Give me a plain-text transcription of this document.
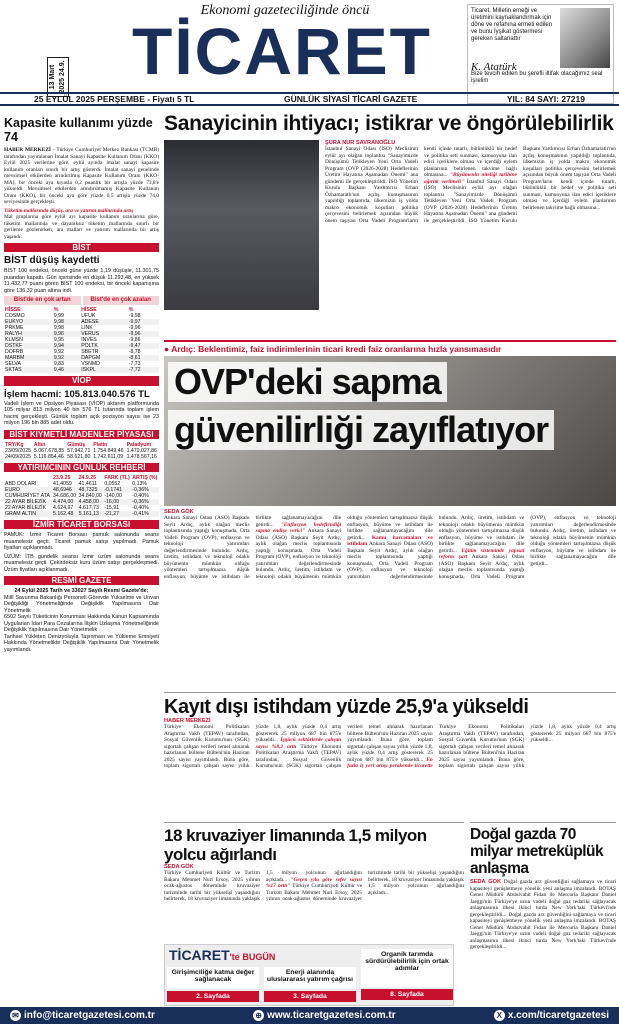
Ekonomi gazeteciliğinde öncü
TİCARET
13 Mart 2025 24.9.
Ticaret, Milletin emeği ve üretimini kaynaklandırmak için döne ve refahına ermeti edilen ve bunu İyşikat göstermesi gereken saltanattır
K. Atatürk
Bize tevcih edilen bu şerefli iltifak olacağımız seal işrelim
25 EYLÜL 2025 PERŞEMBE - Fiyatı 5 TL	GÜNLÜK SİYASİ TİCARİ GAZETE	YIL: 84 SAYI: 27219
Kapasite kullanımı yüzde 74
HABER MERKEZİ - Türkiye Cumhuriyet Merkez Bankası (TCMB) tarafından yayımlanan İmalat Sanayi Kapasite Kullanım Oranı (KKO) Eylül 2025 verilerine göre, eylül ayında imalat sanayi kapasite kullanım oranları sınırlı bir artış gösterdi. İmalat sanayi genelinde mevsimsel etkilerden arındırılmış Kapasite Kullanım Oranı (KKO-MA), bir önceki aya kıyasla 0,2 puanlık bir artışla yüzde 73,8'e yükseldi. Mevsimsel etkilerden arındırılmamış Kapasite Kullanım Oranı (KKO), bir önceki aya göre yüzde 0,5 artışla yüzde 74,0 seviyesinde gerçekleşti.
Tüketim mallarında düşüş, ara ve yatırım mallarında artış
Mal gruplarına göre eylül ayı kapasite kullanım oranlarına göre, tüketim mallarında ve dayanıksız tüketim mallarında sınırlı bir gerileme gözlenirken, ara malları ve yatırım mallarında bir artış yaşandı.
BİST
BİST düşüş kaydetti
BIST 100 endeksi, önceki güne yüzde 1,19 düşüşle, 11.301,75 puandan kapattı. Gün içerisinde en düşük 11.293,48, en yüksek 11.432,77 puanı gören BIST 100 endeksi, bir önceki kapanışına göre 136,32 puan altına indi.
Bist'de en çok artan	Bist'de en çok azalan
HİSSE	%	HİSSE	%
COSMO	9,99	UFUK	-9,98
EUKYO	9,98	ADESE	-9,97
PRKME	9,98	LINK	-9,96
RALYH	9,96	VERUS	-9,96
KLMSN	9,95	INVES	-9,86
DSTKF	9,94	POLTK	-9,47
DOFRB	9,92	SBETR	-8,78
MARBM	9,92	DAPGM	-8,61
SELVA	9,83	VSNMD	-7,73
SKTAS	9,46	ISKPL	-7,72
VİOP
İşlem hacmi: 105.813.040.576 TL
Vadeli İşlem ve Opsiyon Piyasası (VİOP) aktarım platformunda 105 milyar 813 milyon 40 bin 576 TL tutarında toplam işlem hacmi gerçekleşti. Günlük toplam açık pozisyon sayısı ise 23 milyon 196 bin 885 adet oldu.
BİST KIYMETLİ MADENLER PİYASASI
TRY/Kg	Altın	Gümüş	Platin	Paladyum
23/09/2025	5.067.678,85	57.942,71	1.754.849,46	1.470.027,86
24/09/2025	5.116.854,46	58.621,80	1.742.611,09	1.478.567,16
YATIRIMCININ GÜNLÜK REHBERİ
	23.9.25	24.9.25	FARK (TL)	ARTIŞ (%)
ABD DOLARI	41,4059	41,4611	0,0552	0,13%
EURO	48,6946	48,7325	-0,1741	-0,36%
CUMHURİYET ATA	34.686,00	34.840,00	-140,00	-0,40%
22 AYAR BİLEZİK	4.474,00	4.458,00	-16,00	-0,36%
22 AYAR BİLEZİK	4.624,97	4.617,73	-15,91	-0,40%
GRAM ALTIN	5.162,48	5.161,13	-21,27	-0,41%
İZMİR TİCARET BORSASI
PAMUK: İzmir Ticaret Borsası pamuk salonunda seans muamelesiz geçti. Ticaret pamuk satışı yapılmadı. Pamuk fiyatları açıklanmadı.
ÜZÜM: İTB gündelik seansı İzmir üzüm salonunda seans muamelesiz geçti. Çekirdeksiz kuru üzüm satışı gerçekleşmedi. Üzüm fiyatları açıklanmadı.
RESMİ GAZETE
24 Eylül 2025 Tarih ve 33027 Sayılı Resmi Gazete'de;
Millî Savunma Bakanlığı Personeli Görevde Yükselme ve Unvan Değişikliği Yönetmeliğinde Değişiklik Yapılmasına Dair Yönetmelik
6502 Sayılı Tüketicinin Korunması Hakkında Kanun Kapsamında Uygulanan İdari Para Cezalarına İlişkin Uzlaşma Yönetmeliğinde Değişiklik Yapılmasına Dair Yönetmelik
Tarihsel Yükleten Denizyoluyla Taşınması ve Yükleme Emniyeti Hakkında Yönetmelikte Değişiklik Yapılmasına Dair Yönetmelik yayımlandı.
Sanayicinin ihtiyacı; istikrar ve öngörülebilirlik
ŞURA NUR SAVRANOĞLU
İstanbul Sanayi Odası (İSO) Meclisinin eylül ayı olağan toplantısı "Sanayimizde Dönüşümü Tetikleyen Yeni Orta Vadeli Program (OVP (2026-2028) Hedeflerinin Üretim Hayatına Aşamadan Önemi" ana gündemi ile gerçekleştirildi. İSO Yönetim Kurulu Başkanı Yardımcısı Erhan Özhamaratlı'nın açılış konuşmasının yapıldığı toplantıda, ülkemizin iş yolda makro ekonomik koşulları politika çerçevesini belirlemek açısından büyük önem taşıyan Orta Vadeli Program'ların kendi içinde tutarlı, bütünlüklü bir hedef ve politika seti sunması, kamuoyuna ilan edici içeriklere olması ve içerdiği eylem planlarının belirlenen takvime bağlı olmasına... "Büyümenin niteliği tarihine ağırlık verilmeli" İstanbul Sanayi Odası (İSO) Meclisinin eylül ayı olağan toplantısı "Sanayimizde Dönüşümü Tetikleyen Yeni Orta Vadeli Program (OVP (2026-2028) Hedeflerinin Üretim Hayatına Aşamadan Önemi" ana gündemi ile gerçekleştirildi. İSO Yönetim Kurulu Başkanı Yardımcısı Erhan Özhamaratlı'nın açılış konuşmasının yapıldığı toplantıda, ülkemizin iş yolda makro ekonomik koşulları politika çerçevesini belirlemek açısından büyük önem taşıyan Orta Vadeli Program'ların kendi içinde tutarlı, bütünlüklü bir hedef ve politika seti sunması, kamuoyuna ilan edici içeriklere olması ve içerdiği eylem planlarının belirlenen takvime bağlı olmasına...
● Ardıç: Beklentimiz, faiz indirimlerinin ticari kredi faiz oranlarına hızla yansımasıdır
OVP'deki sapma
güvenilirliği zayıflatıyor
SEDA GÖK
Ankara Sanayi Odası (ASO) Başkanı Seyit Ardıç, aylık olağan meclis toplantısında yaptığı konuşmada, Orta Vadeli Program (OVP), enflasyon ve teknoloji yatırımları değerlendirmesinde bulundu. Ardıç, üretim, istihdam ve teknoloji odaklı büyümenin mümkün olduğu yöntemleri tartışılmazsa düşük enflasyon, büyüme ve istihdam ile birlikte sağlanamayacağını dile getirdi... "Enflasyon hedeflendiği sapma endişe verici" Ankara Sanayi Odası (ASO) Başkanı Seyit Ardıç, aylık olağan meclis toplantısında yaptığı konuşmada, Orta Vadeli Program (OVP), enflasyon ve teknoloji yatırımları değerlendirmesinde bulundu. Ardıç, üretim, istihdam ve teknoloji odaklı büyümenin mümkün olduğu yöntemleri tartışılmazsa düşük enflasyon, büyüme ve istihdam ile birlikte sağlanamayacağını dile getirdi... Kamu harcamaları ve istihdam Ankara Sanayi Odası (ASO) Başkanı Seyit Ardıç, aylık olağan meclis toplantısında yaptığı konuşmada, Orta Vadeli Program (OVP), enflasyon ve teknoloji yatırımları değerlendirmesinde bulundu. Ardıç, üretim, istihdam ve teknoloji odaklı büyümenin mümkün olduğu yöntemleri tartışılmazsa düşük enflasyon, büyüme ve istihdam ile birlikte sağlanamayacağını dile getirdi... Eğitim sisteminde yapısal reform şart Ankara Sanayi Odası (ASO) Başkanı Seyit Ardıç, aylık olağan meclis toplantısında yaptığı konuşmada, Orta Vadeli Program (OVP), enflasyon ve teknoloji yatırımları değerlendirmesinde bulundu. Ardıç, üretim, istihdam ve teknoloji odaklı büyümenin mümkün olduğu yöntemleri tartışılmazsa düşük enflasyon, büyüme ve istihdam ile birlikte sağlanamayacağını dile getirdi...
Kayıt dışı istihdam yüzde 25,9'a yükseldi
HABER MERKEZİ
Türkiye Ekonomi Politikaları Araştırma Vakfı (TEPAV) tarafından, Sosyal Güvenlik Kurumu'nun (SGK) sigortalı çalışan verileri temel alınarak hazırlanan bültene Bülteni'nin Haziran 2025 sayısı yayımlandı. Buna göre, toplam sigortalı çalışan sayısı yıllık yüzde 1,8, aylık yüzde 0,4 artış göstererek 25 milyon 687 bin 875'e yükseldi... İşgücü sektörlerde çalışan sayısı %8,2 arttı Türkiye Ekonomi Politikaları Araştırma Vakfı (TEPAV) tarafından, Sosyal Güvenlik Kurumu'nun (SGK) sigortalı çalışan verileri temel alınarak hazırlanan bültene Bülteni'nin Haziran 2025 sayısı yayımlandı. Buna göre, toplam sigortalı çalışan sayısı yıllık yüzde 1,8, aylık yüzde 0,4 artış göstererek 25 milyon 687 bin 875'e yükseldi... En fazla iş yeri artışı perakende ticarette Türkiye Ekonomi Politikaları Araştırma Vakfı (TEPAV) tarafından, Sosyal Güvenlik Kurumu'nun (SGK) sigortalı çalışan verileri temel alınarak hazırlanan bültene Bülteni'nin Haziran 2025 sayısı yayımlandı. Buna göre, toplam sigortalı çalışan sayısı yıllık yüzde 1,8, aylık yüzde 0,4 artış göstererek 25 milyon 687 bin 875'e yükseldi...
18 kruvaziyer limanında 1,5 milyon yolcu ağırlandı
SEDA GÖK
Türkiye Cumhuriyeti Kültür ve Turizm Bakanı Mehmet Nuri Ersoy, 2025 yılının ocak-ağustos döneminde kruvaziyer turizminde tarihi bir yükselişi yaşandığını belirterek, 18 kruvaziyer limanında yaklaşık 1,5 milyon yolcunun ağırlandığını açıkladı... "Geçen yıla göre sefer sayısı %17 arttı" Türkiye Cumhuriyeti Kültür ve Turizm Bakanı Mehmet Nuri Ersoy, 2025 yılının ocak-ağustos döneminde kruvaziyer turizminde tarihi bir yükselişi yaşandığını belirterek, 18 kruvaziyer limanında yaklaşık 1,5 milyon yolcunun ağırlandığını açıkladı...
Doğal gazda 70 milyar metreküplük anlaşma
SEDA GÖK Doğal gazda arz güvenliğini sağlamaya ve ticari kapasiteyi genişletmeye yönelik yeni anlaşma imzalandı. BOTAŞ Genel Müdürü Abdulvahit Fidan ile Mercuria Başkanı Daniel Jaeggi'nin Türkiye'ye uzun vadeli doğal gaz tedariki sağlayacak anlaşmasının ilkesi ikinci turda New York'taki Türkevi'nde gerçekleştirildi... Doğal gazda arz güvenliğini sağlamaya ve ticari kapasiteyi genişletmeye yönelik yeni anlaşma imzalandı. BOTAŞ Genel Müdürü Abdulvahit Fidan ile Mercuria Başkanı Daniel Jaeggi'nin Türkiye'ye uzun vadeli doğal gaz tedariki sağlayacak anlaşmasının ilkesi ikinci turda New York'taki Türkevi'nde gerçekleştirildi...
TİCARET'te BUGÜN
Girişimciliğe katma değer sağlanacak
2. Sayfada
Enerji alanında uluslararası yatırım çağrısı
3. Sayfada
Organik tarımda sürdürülebilirlik için ortak adımlar
8. Sayfada
✉ info@ticaretgazetesi.com.tr	⊕ www.ticaretgazetesi.com.tr	X x.com/ticaretgazetesi
